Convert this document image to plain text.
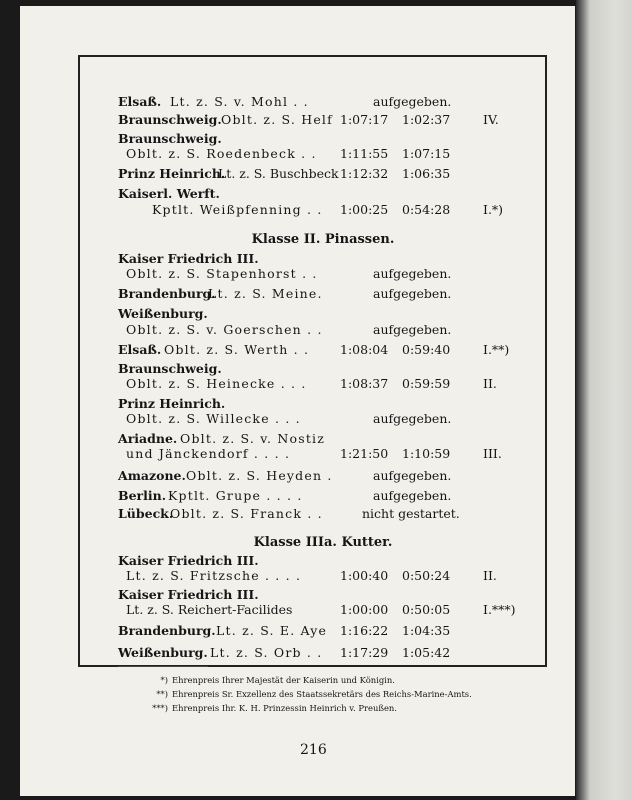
Elsaß. Lt. z. S. v. Mohl . .	aufgegeben.
Braunschweig. Oblt. z. S. Helf 1:07:17 1:02:37	IV.
Braunschweig.
Oblt. z. S. Roedenbeck . . 1:11:55 1:07:15
Prinz Heinrich.
Lt. z. S. Buschbeck 1:12:32 1:06:35
Kaiserl. Werft.
Kptlt. Weißpfenning . . 1:00:25 0:54:28	I.*)
Klasse II. Pinassen.
Kaiser Friedrich III.
Oblt. z. S. Stapenhorst . .	aufgegeben.
Brandenburg.
Lt. z. S. Meine.	aufgegeben.
Weißenburg.
Oblt. z. S. v. Goerschen . .	aufgegeben.
Elsaß. Oblt. z. S. Werth . . 1:08:04 0:59:40	I.**)
Braunschweig.
Oblt. z. S. Heinecke . . .	1:08:37 0:59:59	II.
Prinz Heinrich.
Oblt. z. S. Willecke . . .	aufgegeben.
Ariadne. Oblt. z. S. v. Nostiz
und Jänckendorf . . . .	1:21:50 1:10:59	III.
Amazone. Oblt. z. S. Heyden .	aufgegeben.
Berlin. Kptlt. Grupe . . . .	aufgegeben.
Lübeck.
Oblt. z. S. Franck . .	nicht gestartet.
Klasse IIIa. Kutter.
Kaiser Friedrich III.
Lt. z. S. Fritzsche . . . .	1:00:40 0:50:24	II.
Kaiser Friedrich III.
Lt. z. S. Reichert-Facilides	1:00:00 0:50:05	I.***)
Brandenburg. Lt. z. S. E. Aye 1:16:22 1:04:35
Weißenburg. Lt. z. S. Orb . . 1:17:29 1:05:42
*) Ehrenpreis Ihrer Majestät der Kaiserin und Königin.
**) Ehrenpreis Sr. Exzellenz des Staatssekretärs des Reichs-Marine-Amts.
***) Ehrenpreis Ihr. K. H. Prinzessin Heinrich v. Preußen.
216
